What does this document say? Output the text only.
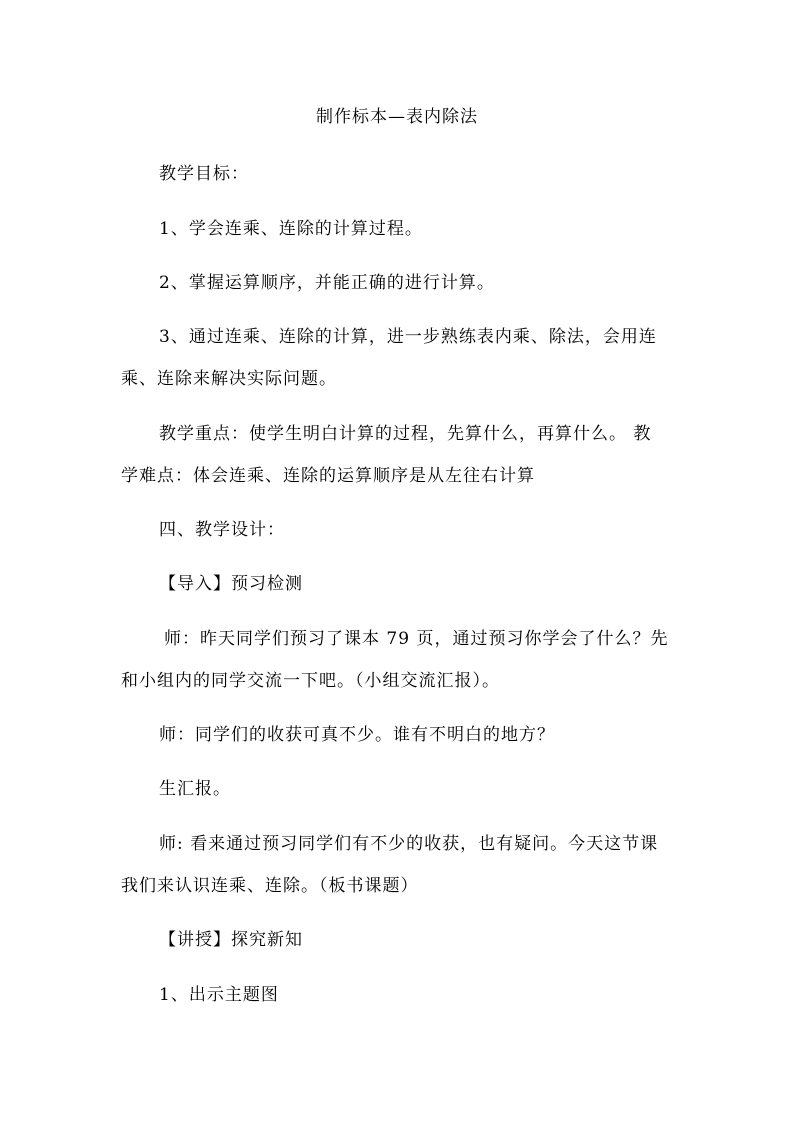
制作标本—表内除法
教学目标：
1、学会连乘、连除的计算过程。
2、掌握运算顺序，并能正确的进行计算。
3、通过连乘、连除的计算，进一步熟练表内乘、除法，会用连
乘、连除来解决实际问题。
教学重点：使学生明白计算的过程，先算什么，再算什么。 教
学难点：体会连乘、连除的运算顺序是从左往右计算
四、教学设计：
【导入】预习检测
师：昨天同学们预习了课本 79 页，通过预习你学会了什么？先
和小组内的同学交流一下吧。（小组交流汇报）。
师：同学们的收获可真不少。谁有不明白的地方？
生汇报。
师: 看来通过预习同学们有不少的收获，也有疑问。今天这节课
我们来认识连乘、连除。（板书课题）
【讲授】探究新知
1、出示主题图
